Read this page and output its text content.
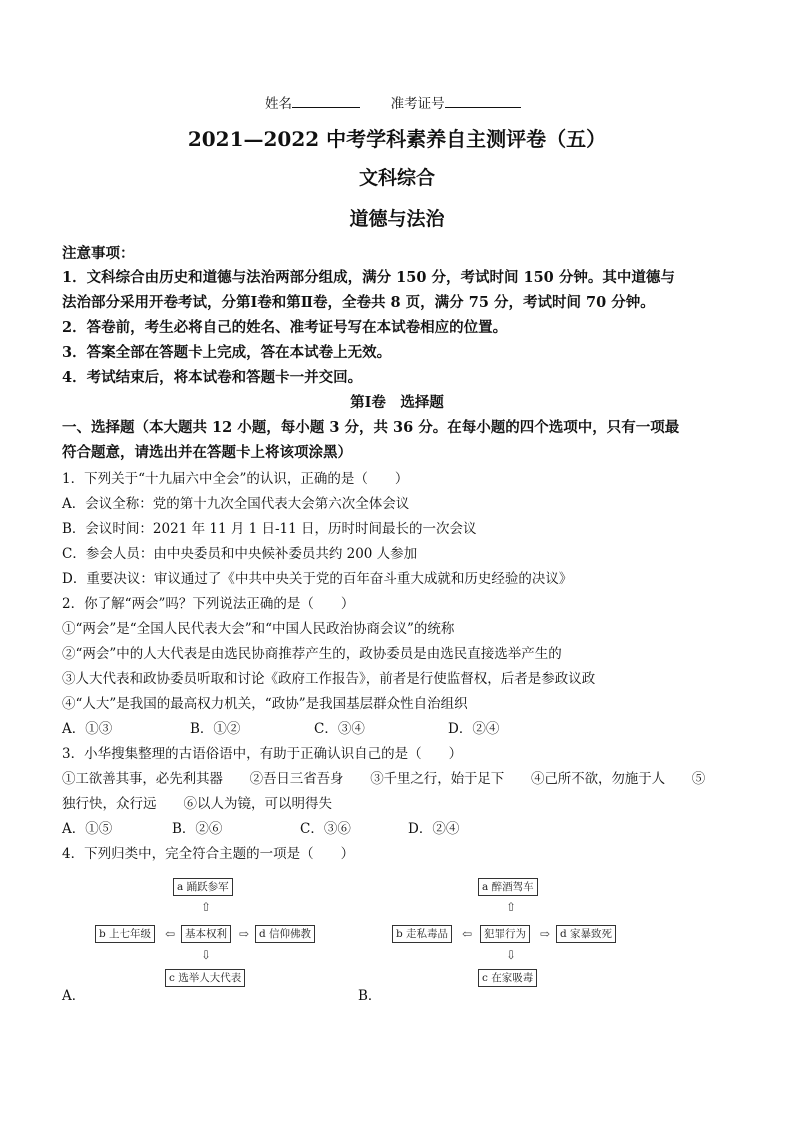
姓名	准考证号
2021—2022 中考学科素养自主测评卷（五）
文科综合
道德与法治
注意事项：
1．文科综合由历史和道德与法治两部分组成，满分 150 分，考试时间 150 分钟。其中道德与
法治部分采用开卷考试，分第Ⅰ卷和第Ⅱ卷，全卷共 8 页，满分 75 分，考试时间 70 分钟。
2．答卷前，考生必将自己的姓名、准考证号写在本试卷相应的位置。
3．答案全部在答题卡上完成，答在本试卷上无效。
4．考试结束后，将本试卷和答题卡一并交回。
第Ⅰ卷　选择题
一、选择题（本大题共 12 小题，每小题 3 分，共 36 分。在每小题的四个选项中，只有一项最
符合题意，请选出并在答题卡上将该项涂黑）
1．下列关于“十九届六中全会”的认识，正确的是（　　）
A．会议全称：党的第十九次全国代表大会第六次全体会议
B．会议时间：2021 年 11 月 1 日-11 日，历时时间最长的一次会议
C．参会人员：由中央委员和中央候补委员共约 200 人参加
D．重要决议：审议通过了《中共中央关于党的百年奋斗重大成就和历史经验的决议》
2．你了解“两会”吗？下列说法正确的是（　　）
①“两会”是“全国人民代表大会”和“中国人民政治协商会议”的统称
②“两会”中的人大代表是由选民协商推荐产生的，政协委员是由选民直接选举产生的
③人大代表和政协委员听取和讨论《政府工作报告》，前者是行使监督权，后者是参政议政
④“人大”是我国的最高权力机关，“政协”是我国基层群众性自治组织
A．①③	B．①②	C．③④	D．②④
3．小华搜集整理的古语俗语中，有助于正确认识自己的是（　　）
①工欲善其事，必先利其器　　②吾日三省吾身　　③千里之行，始于足下　　④己所不欲，勿施于人　　⑤
独行快，众行远　　⑥以人为镜，可以明得失
A．①⑤	B．②⑥	C．③⑥	D．②④
4．下列归类中，完全符合主题的一项是（　　）
a 踊跃参军
⇧
b 上七年级	⇦ 基本权利	⇨ d 信仰佛教
⇩
c 选举人大代表
A．
a 醉酒驾车
⇧
b 走私毒品	⇦	犯罪行为	⇨ d 家暴致死
⇩
c 在家吸毒
B．
